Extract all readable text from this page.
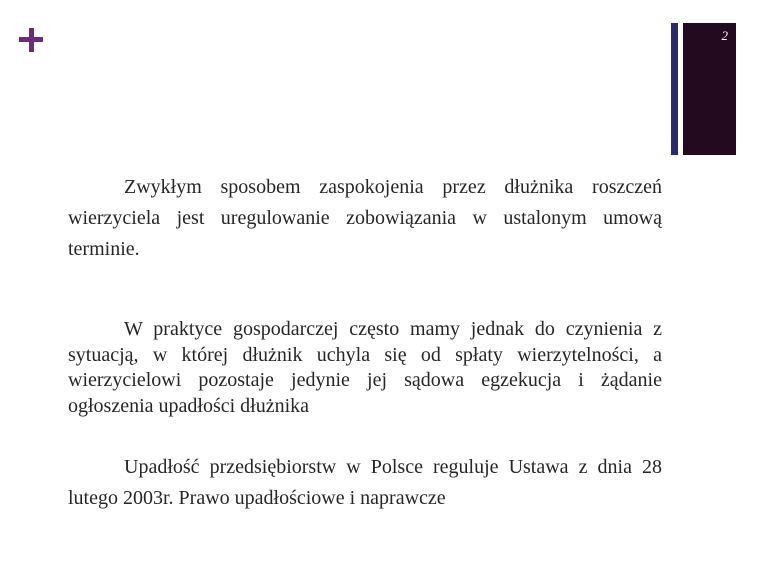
2

Zwykłym sposobem zaspokojenia przez dłużnika roszczeń wierzyciela jest uregulowanie zobowiązania w ustalonym umową terminie.

W praktyce gospodarczej często mamy jednak do czynienia z sytuacją, w której dłużnik uchyla się od spłaty wierzytelności, a wierzycielowi pozostaje jedynie jej sądowa egzekucja i żądanie ogłoszenia upadłości dłużnika

Upadłość przedsiębiorstw w Polsce reguluje Ustawa z dnia 28 lutego 2003r. Prawo upadłościowe i naprawcze
